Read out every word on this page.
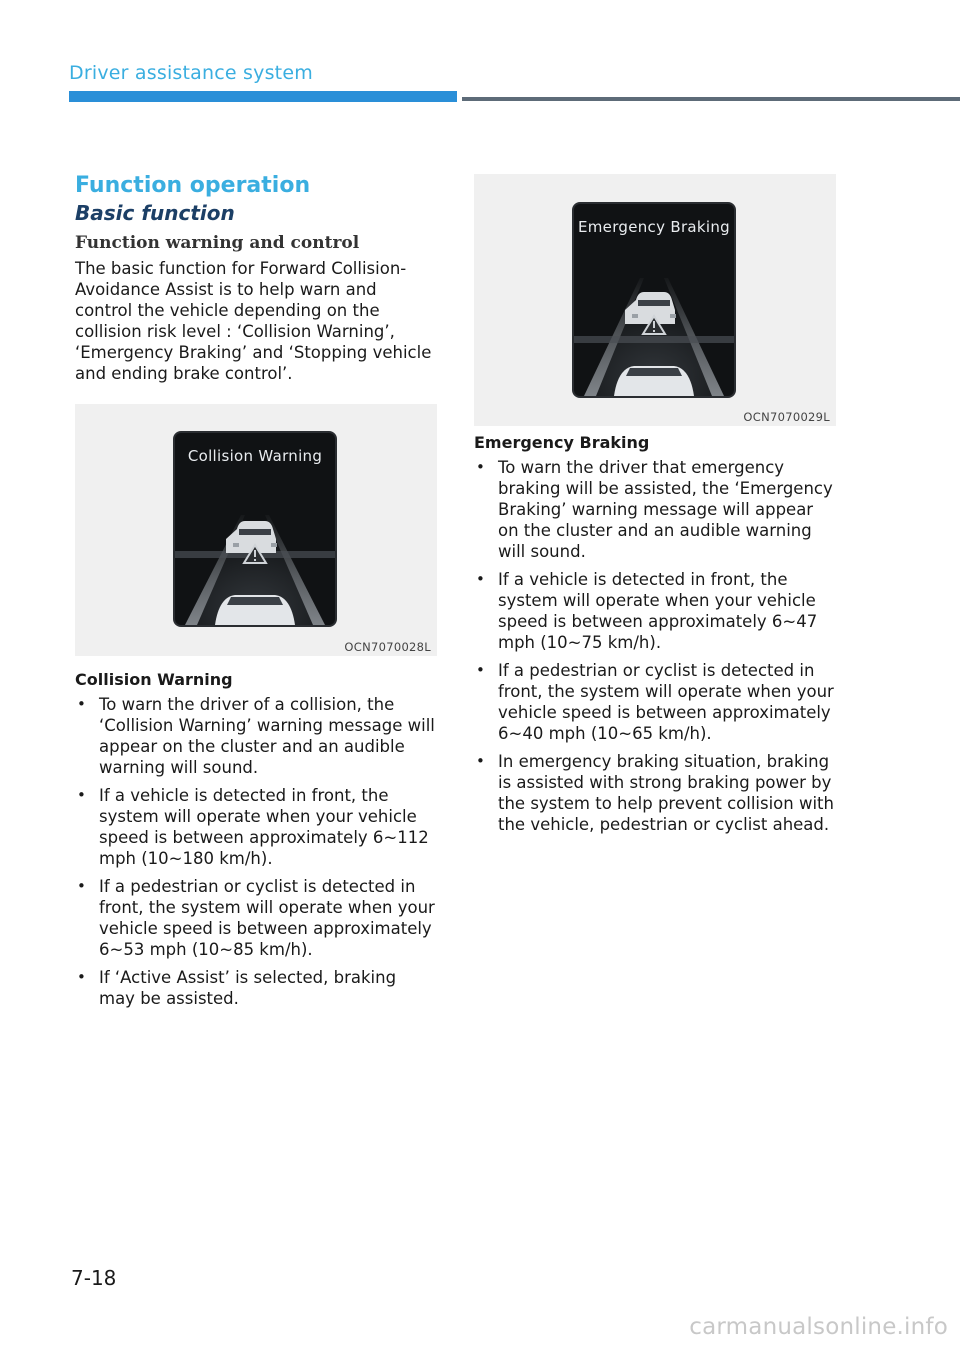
Driver assistance system
Function operation
Basic function
Function warning and control

The basic function for Forward Collision-Avoidance Assist is to help warn and control the vehicle depending on the collision risk level : ‘Collision Warning’, ‘Emergency Braking’ and ‘Stopping vehicle and ending brake control’.

Collision Warning
OCN7070028L
Collision Warning
• To warn the driver of a collision, the ‘Collision Warning’ warning message will appear on the cluster and an audible warning will sound.
• If a vehicle is detected in front, the system will operate when your vehicle speed is between approximately 6~112 mph (10~180 km/h).
• If a pedestrian or cyclist is detected in front, the system will operate when your vehicle speed is between approximately 6~53 mph (10~85 km/h).
• If ‘Active Assist’ is selected, braking may be assisted.
Emergency Braking
OCN7070029L
Emergency Braking
• To warn the driver that emergency braking will be assisted, the ‘Emergency Braking’ warning message will appear on the cluster and an audible warning will sound.
• If a vehicle is detected in front, the system will operate when your vehicle speed is between approximately 6~47 mph (10~75 km/h).
• If a pedestrian or cyclist is detected in front, the system will operate when your vehicle speed is between approximately 6~40 mph (10~65 km/h).
• In emergency braking situation, braking is assisted with strong braking power by the system to help prevent collision with the vehicle, pedestrian or cyclist ahead.
7-18
carmanualsonline.info
